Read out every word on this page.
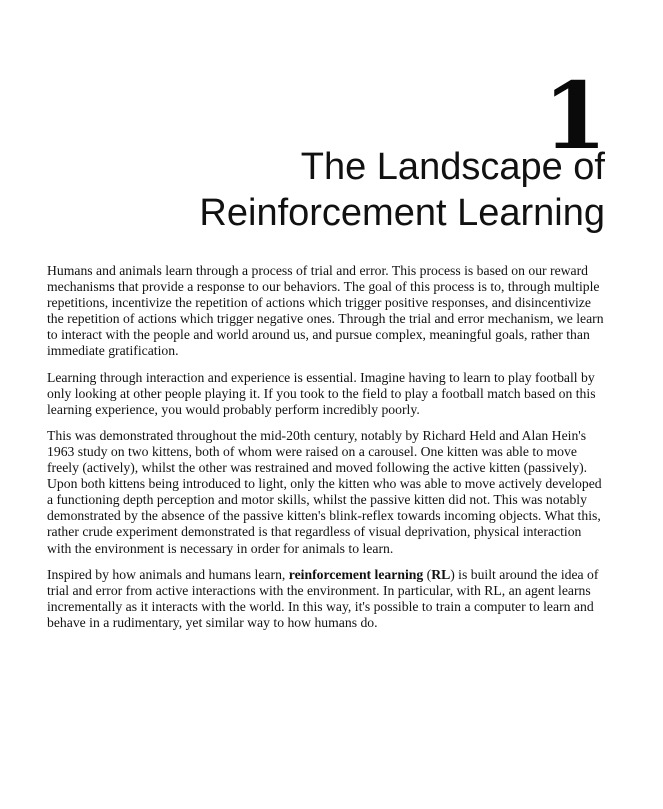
1
The Landscape of
Reinforcement Learning

Humans and animals learn through a process of trial and error. This process is based on our reward mechanisms that provide a response to our behaviors. The goal of this process is to, through multiple repetitions, incentivize the repetition of actions which trigger positive responses, and disincentivize the repetition of actions which trigger negative ones. Through the trial and error mechanism, we learn to interact with the people and world around us, and pursue complex, meaningful goals, rather than immediate gratification.

Learning through interaction and experience is essential. Imagine having to learn to play football by only looking at other people playing it. If you took to the field to play a football match based on this learning experience, you would probably perform incredibly poorly.

This was demonstrated throughout the mid-20th century, notably by Richard Held and Alan Hein's 1963 study on two kittens, both of whom were raised on a carousel. One kitten was able to move freely (actively), whilst the other was restrained and moved following the active kitten (passively). Upon both kittens being introduced to light, only the kitten who was able to move actively developed a functioning depth perception and motor skills, whilst the passive kitten did not. This was notably demonstrated by the absence of the passive kitten's blink-reflex towards incoming objects. What this, rather crude experiment demonstrated is that regardless of visual deprivation, physical interaction with the environment is necessary in order for animals to learn.

Inspired by how animals and humans learn, reinforcement learning (RL) is built around the idea of trial and error from active interactions with the environment. In particular, with RL, an agent learns incrementally as it interacts with the world. In this way, it's possible to train a computer to learn and behave in a rudimentary, yet similar way to how humans do.
